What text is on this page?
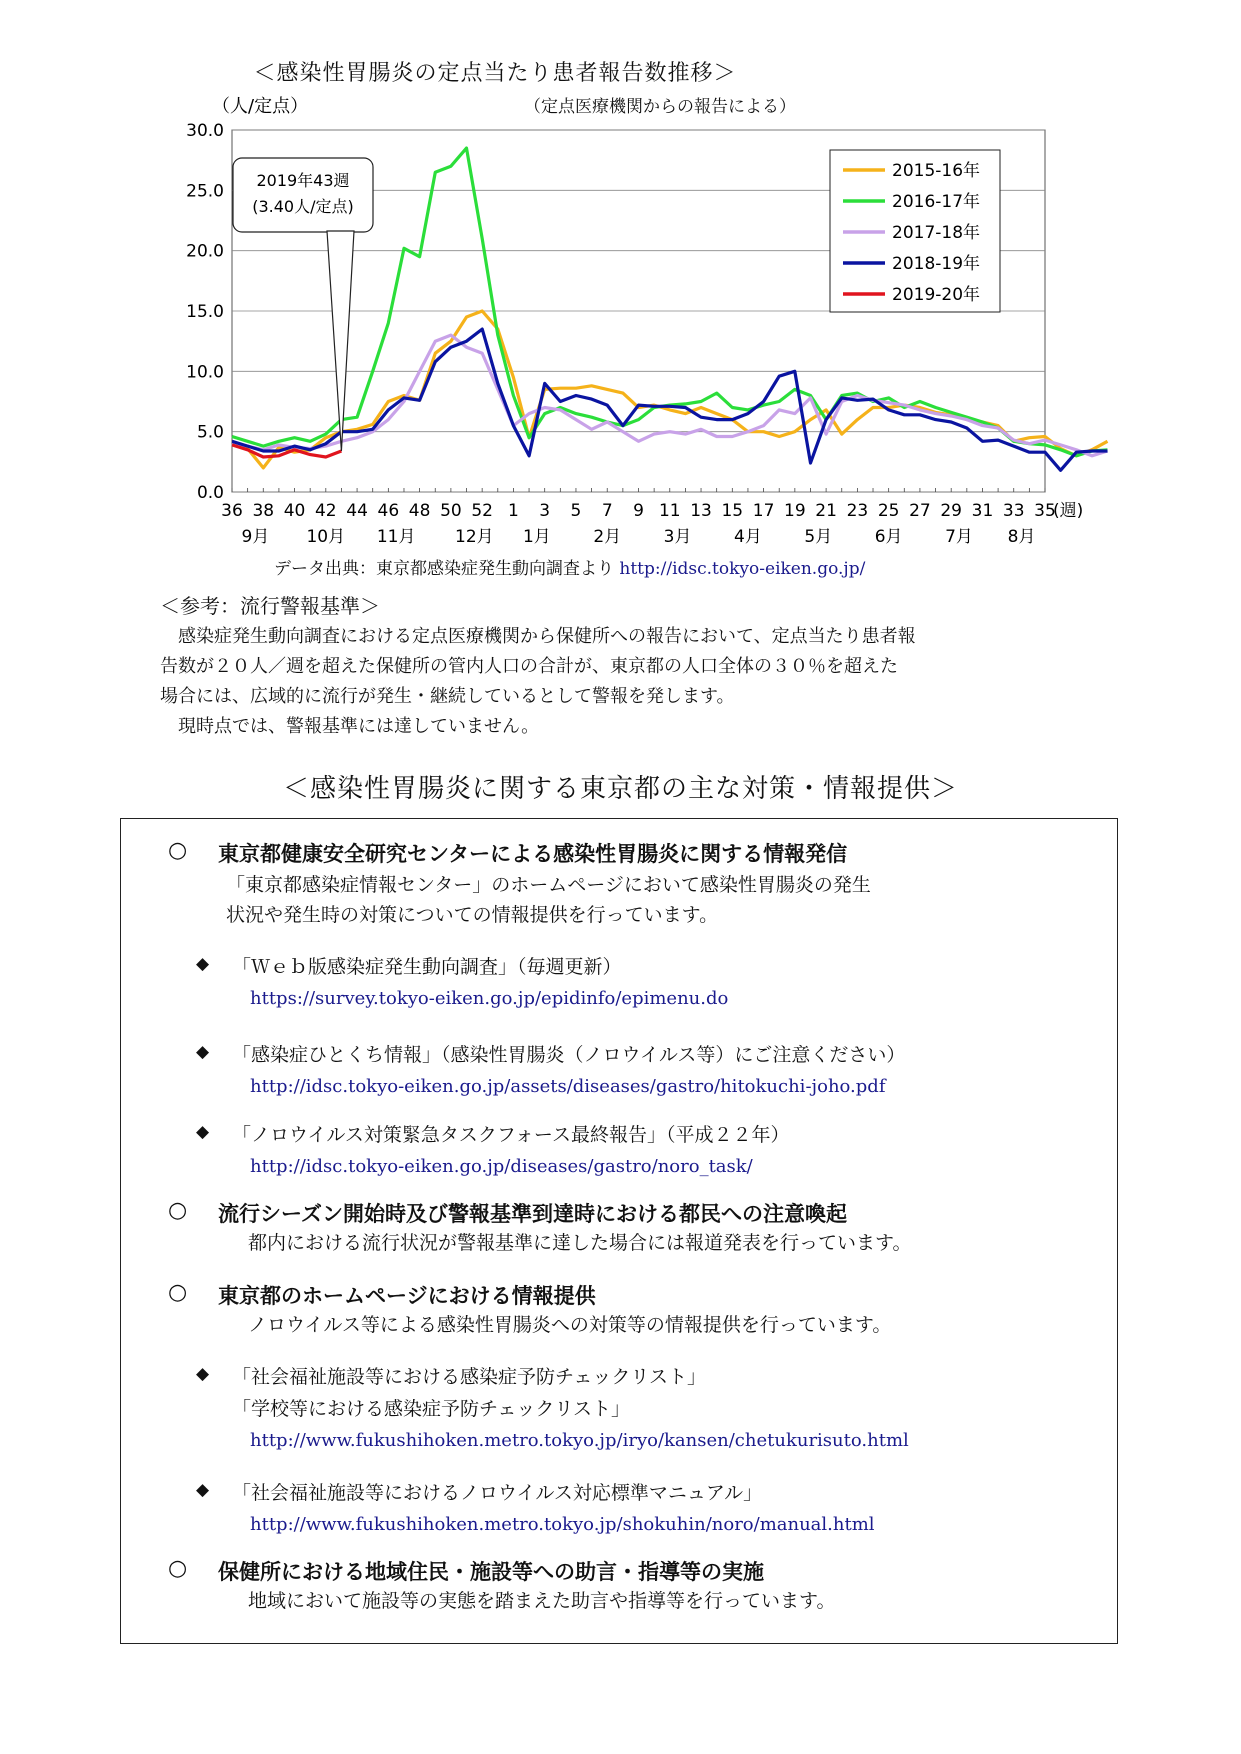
＜感染性胃腸炎の定点当たり患者報告数推移＞
（定点医療機関からの報告による）
（人/定点）
0.0
5.0
10.0
15.0
20.0
25.0
30.0
36 38 40 42 44 46 48 50 52 1 3 5 7 9 11 13 15 17 19 21 23 25 27 29 31 33 35
(週)
9月 10月 11月 12月 1月	2月	3月	4月	5月	6月	7月 8月
2019年43週
(3.40人/定点)
2015-16年
2016-17年
2017-18年
2018-19年
2019-20年
データ出典：東京都感染症発生動向調査より http://idsc.tokyo-eiken.go.jp/
＜参考：流行警報基準＞

感染症発生動向調査における定点医療機関から保健所への報告において、定点当たり患者報

告数が２０人／週を超えた保健所の管内人口の合計が、東京都の人口全体の３０％を超えた

場合には、広域的に流行が発生・継続しているとして警報を発します。

現時点では、警報基準には達していません。

＜感染性胃腸炎に関する東京都の主な対策・情報提供＞
○ 東京都健康安全研究センターによる感染性胃腸炎に関する情報発信
「東京都感染症情報センター」のホームページにおいて感染性胃腸炎の発生
状況や発生時の対策についての情報提供を行っています。
◆ 「Ｗｅｂ版感染症発生動向調査」（毎週更新）
https://survey.tokyo-eiken.go.jp/epidinfo/epimenu.do
◆ 「感染症ひとくち情報」（感染性胃腸炎（ノロウイルス等）にご注意ください）
http://idsc.tokyo-eiken.go.jp/assets/diseases/gastro/hitokuchi-joho.pdf
◆ 「ノロウイルス対策緊急タスクフォース最終報告」（平成２２年）
http://idsc.tokyo-eiken.go.jp/diseases/gastro/noro_task/
○ 流行シーズン開始時及び警報基準到達時における都民への注意喚起
都内における流行状況が警報基準に達した場合には報道発表を行っています。
○ 東京都のホームページにおける情報提供
ノロウイルス等による感染性胃腸炎への対策等の情報提供を行っています。
◆ 「社会福祉施設等における感染症予防チェックリスト」
「学校等における感染症予防チェックリスト」
http://www.fukushihoken.metro.tokyo.jp/iryo/kansen/chetukurisuto.html
◆ 「社会福祉施設等におけるノロウイルス対応標準マニュアル」
http://www.fukushihoken.metro.tokyo.jp/shokuhin/noro/manual.html
○ 保健所における地域住民・施設等への助言・指導等の実施
地域において施設等の実態を踏まえた助言や指導等を行っています。
